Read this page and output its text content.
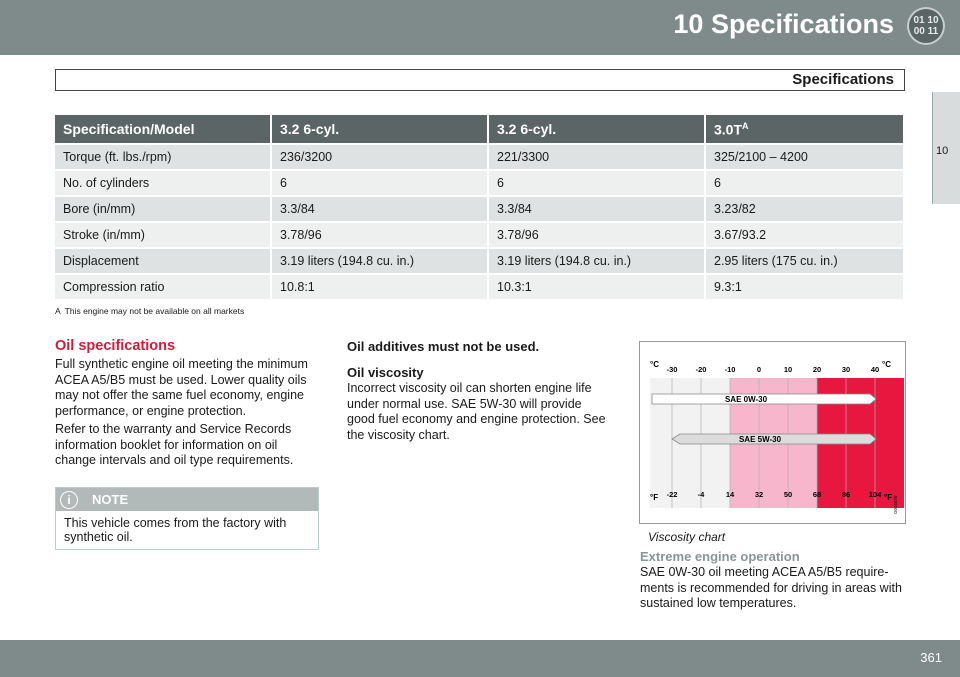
10 Specifications 01 10
00 11
Specifications
10
Specification/Model	3.2 6-cyl.	3.2 6-cyl.	$3.0T^A$
Torque (ft. lbs./rpm)	236/3200	221/3300	325/2100 – 4200
No. of cylinders	6	6	6
Bore (in/mm)	3.3/84	3.3/84	3.23/82
Stroke (in/mm)	3.78/96	3.78/96	3.67/93.2
Displacement	3.19 liters (194.8 cu. in.)	3.19 liters (194.8 cu. in.)	2.95 liters (175 cu. in.)
Compression ratio	10.8:1	10.3:1	9.3:1
A This engine may not be available on all markets
Oil specifications
Full synthetic engine oil meeting the minimum ACEA A5/B5 must be used. Lower quality oils may not offer the same fuel economy, engine performance, or engine protection.
Refer to the warranty and Service Records information booklet for information on oil change intervals and oil type requirements.
i	NOTE
This vehicle comes from the factory with synthetic oil.
Oil additives must not be used.
Oil viscosity
Incorrect viscosity oil can shorten engine life under normal use. SAE 5W-30 will provide good fuel economy and engine protection. See the viscosity chart.
°C	°C
°F	°F
-30 -20 -10	0	10	20	30	40
-22	-4	14	32	50	68	86 104
SAE 0W-30
SAE 5W-30
G045876
Viscosity chart
Extreme engine operation
SAE 0W-30 oil meeting ACEA A5/B5 require- ments is recommended for driving in areas with sustained low temperatures.
361
